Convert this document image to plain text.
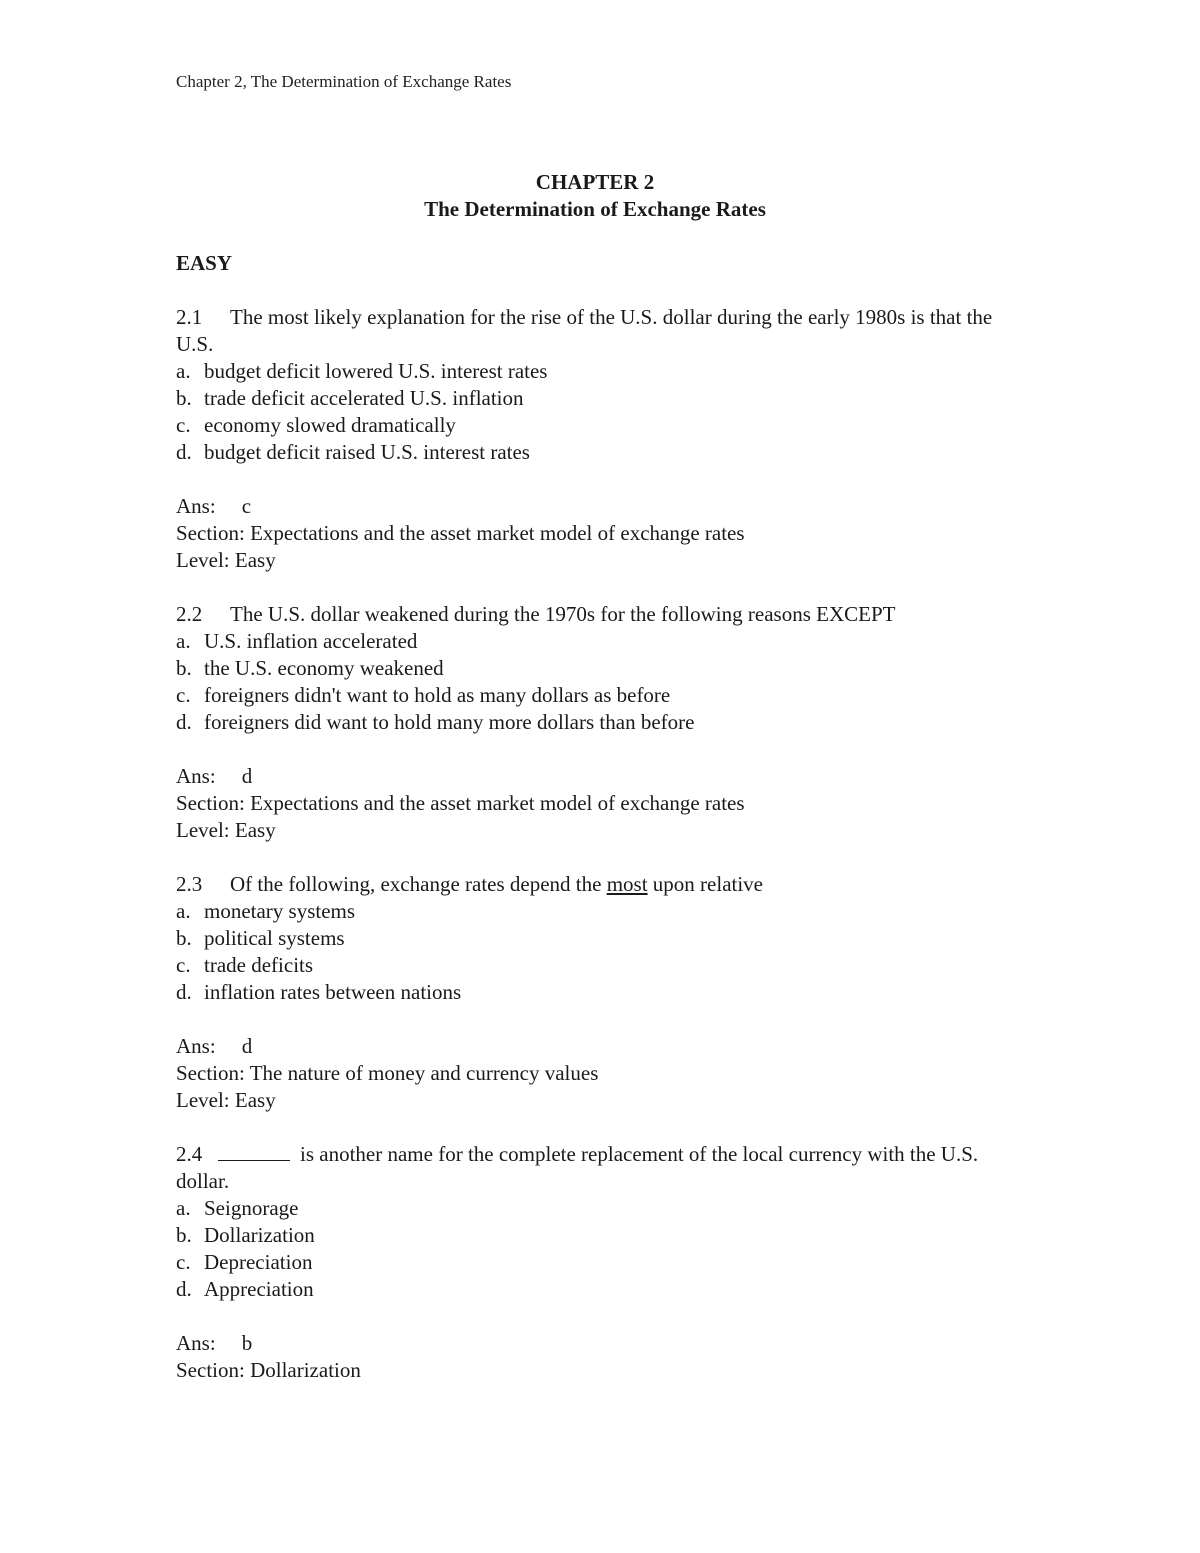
Chapter 2, The Determination of Exchange Rates
CHAPTER 2
The Determination of Exchange Rates
EASY
2.1 The most likely explanation for the rise of the U.S. dollar during the early 1980s is that the U.S.
a. budget deficit lowered U.S. interest rates
b. trade deficit accelerated U.S. inflation
c. economy slowed dramatically
d. budget deficit raised U.S. interest rates
Ans: c
Section: Expectations and the asset market model of exchange rates
Level: Easy
2.2 The U.S. dollar weakened during the 1970s for the following reasons EXCEPT
a. U.S. inflation accelerated
b. the U.S. economy weakened
c. foreigners didn't want to hold as many dollars as before
d. foreigners did want to hold many more dollars than before
Ans: d
Section: Expectations and the asset market model of exchange rates
Level: Easy
2.3 Of the following, exchange rates depend the most upon relative
a. monetary systems
b. political systems
c. trade deficits
d. inflation rates between nations
Ans: d
Section: The nature of money and currency values
Level: Easy
2.4	is another name for the complete replacement of the local currency with the U.S. dollar.
a. Seignorage
b. Dollarization
c. Depreciation
d. Appreciation
Ans: b
Section: Dollarization
